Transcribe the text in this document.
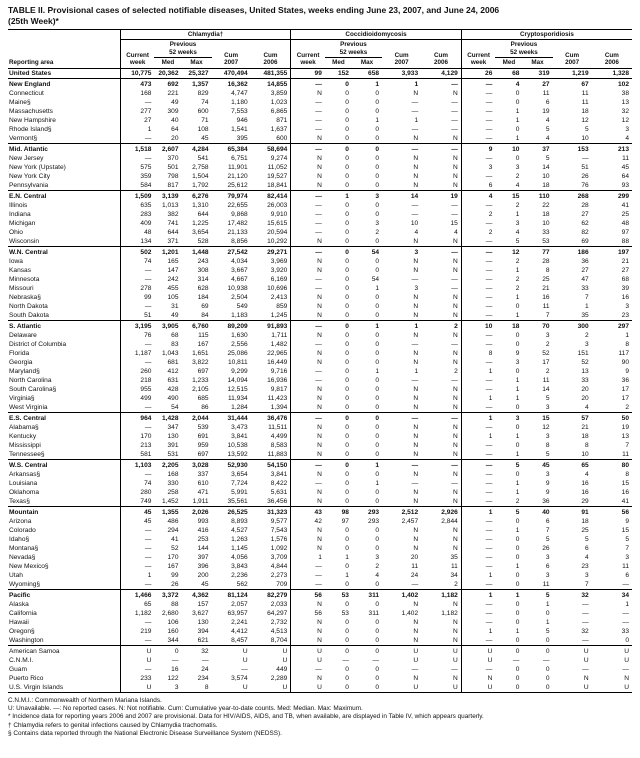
TABLE II. Provisional cases of selected notifiable diseases, United States, weeks ending June 23, 2007, and June 24, 2006
(25th Week)*
Reporting area	Chlamydia†					Coccidioidomycosis					Cryptosporidiosis				
	Current
week	Previous
52 weeks		Cum
2007	Cum
2006	Current
week	Previous
52 weeks		Cum
2007	Cum
2006	Current
week	Previous
52 weeks		Cum
2007	Cum
2006
		Med	Max				Med	Max				Med	Max		
United States	10,775	20,362	25,327	470,494	481,355	99	152	658	3,933	4,129	26	68	319	1,219	1,328
New England	473	692	1,357	16,362	14,855	—	0	1	1	—	—	4	27	67	102
Connecticut	168	221	829	4,747	3,859	N	0	0	N	N	—	0	11	11	38
Maine§	—	49	74	1,180	1,023	—	0	0	—	—	—	0	6	11	13
Massachusetts	277	309	600	7,553	6,865	—	0	0	—	—	—	1	19	18	32
New Hampshire	27	40	71	946	871	—	0	1	1	—	—	1	4	12	12
Rhode Island§	1	64	108	1,541	1,637	—	0	0	—	—	—	0	5	5	3
Vermont§	—	20	45	395	600	N	0	0	N	N	—	1	4	10	4
Mid. Atlantic	1,518	2,607	4,284	65,384	58,694	—	0	0	—	—	9	10	37	153	213
New Jersey	—	370	541	6,751	9,274	N	0	0	N	N	—	0	5	—	11
New York (Upstate)	575	501	2,758	11,901	11,052	N	0	0	N	N	3	3	14	51	45
New York City	359	798	1,504	21,120	19,527	N	0	0	N	N	—	2	10	26	64
Pennsylvania	584	817	1,792	25,612	18,841	N	0	0	N	N	6	4	18	76	93
E.N. Central	1,509	3,139	6,276	79,974	82,414	—	1	3	14	19	4	15	110	268	299
Illinois	635	1,013	1,310	22,655	26,003	—	0	0	—	—	—	2	22	28	41
Indiana	283	382	644	9,868	9,910	—	0	0	—	—	2	1	18	27	25
Michigan	409	741	1,225	17,482	15,615	—	0	3	10	15	—	3	10	62	48
Ohio	48	644	3,654	21,133	20,594	—	0	2	4	4	2	4	33	82	97
Wisconsin	134	371	528	8,856	10,292	N	0	0	N	N	—	5	53	69	88
W.N. Central	502	1,201	1,448	27,542	29,271	—	0	54	3	—	—	12	77	186	197
Iowa	74	165	243	4,034	3,969	N	0	0	N	N	—	2	28	36	21
Kansas	—	147	308	3,667	3,920	N	0	0	N	N	—	1	8	27	27
Minnesota	—	242	314	4,667	6,169	—	0	54	—	—	—	2	25	47	68
Missouri	278	455	628	10,938	10,696	—	0	1	3	—	—	2	21	33	39
Nebraska§	99	105	184	2,504	2,413	N	0	0	N	N	—	1	16	7	16
North Dakota	—	31	69	549	859	N	0	0	N	N	—	0	11	1	3
South Dakota	51	49	84	1,183	1,245	N	0	0	N	N	—	1	7	35	23
S. Atlantic	3,195	3,905	6,760	89,209	91,893	—	0	1	1	2	10	18	70	300	297
Delaware	76	68	115	1,630	1,711	N	0	0	N	N	—	0	3	2	1
District of Columbia	—	83	167	2,556	1,482	—	0	0	—	—	—	0	2	3	8
Florida	1,187	1,043	1,651	25,086	22,965	N	0	0	N	N	8	9	52	151	117
Georgia	—	681	3,822	10,811	16,449	N	0	0	N	N	—	3	17	52	90
Maryland§	260	412	697	9,299	9,716	—	0	1	1	2	1	0	2	13	9
North Carolina	218	631	1,233	14,094	16,936	—	0	0	—	—	—	1	11	33	36
South Carolina§	955	428	2,105	12,515	9,817	N	0	0	N	N	—	1	14	20	17
Virginia§	499	490	685	11,934	11,423	N	0	0	N	N	1	1	5	20	17
West Virginia	—	54	86	1,284	1,394	N	0	0	N	N	—	0	3	4	2
E.S. Central	964	1,428	2,044	31,444	36,476	—	0	0	—	—	1	3	15	57	50
Alabama§	—	347	539	3,473	11,511	N	0	0	N	N	—	0	12	21	19
Kentucky	170	130	691	3,841	4,499	N	0	0	N	N	1	1	3	18	13
Mississippi	213	391	959	10,538	8,583	N	0	0	N	N	—	0	8	8	7
Tennessee§	581	531	697	13,592	11,883	N	0	0	N	N	—	1	5	10	11
W.S. Central	1,103	2,205	3,028	52,930	54,150	—	0	1	—	—	—	5	45	65	80
Arkansas§	—	168	337	3,654	3,841	N	0	0	N	N	—	0	3	4	8
Louisiana	74	330	610	7,724	8,422	—	0	1	—	—	—	1	9	16	15
Oklahoma	280	258	471	5,991	5,631	N	0	0	N	N	—	1	9	16	16
Texas§	749	1,452	1,911	35,561	36,456	N	0	0	N	N	—	2	36	29	41
Mountain	45	1,355	2,026	26,525	31,323	43	98	293	2,512	2,926	1	5	40	91	56
Arizona	45	486	993	8,893	9,577	42	97	293	2,457	2,844	—	0	6	18	9
Colorado	—	294	416	4,527	7,543	N	0	0	N	N	—	1	7	25	15
Idaho§	—	41	253	1,263	1,576	N	0	0	N	N	—	0	5	5	5
Montana§	—	52	144	1,145	1,092	N	0	0	N	N	—	0	26	6	7
Nevada§	—	170	397	4,056	3,709	1	1	3	20	35	—	0	3	4	3
New Mexico§	—	167	396	3,843	4,844	—	0	2	11	11	—	1	6	23	11
Utah	1	99	200	2,236	2,273	—	1	4	24	34	1	0	3	3	6
Wyoming§	—	26	45	562	709	—	0	0	—	2	—	0	11	7	—
Pacific	1,466	3,372	4,362	81,124	82,279	56	53	311	1,402	1,182	1	1	5	32	34
Alaska	65	88	157	2,057	2,033	N	0	0	N	N	—	0	1	—	1
California	1,182	2,680	3,627	63,957	64,297	56	53	311	1,402	1,182	—	0	0	—	—
Hawaii	—	106	130	2,241	2,732	N	0	0	N	N	—	0	1	—	—
Oregon§	219	160	394	4,412	4,513	N	0	0	N	N	1	1	5	32	33
Washington	—	344	621	8,457	8,704	N	0	0	N	N	—	0	0	—	0
American Samoa	U	0	32	U	U	U	0	0	U	U	U	0	0	U	U
C.N.M.I.	U	—	—	U	U	U	—	—	U	U	U	—	—	U	U
Guam	—	16	24	—	449	—	0	0	—	—	—	0	0	—	—
Puerto Rico	233	122	234	3,574	2,289	N	0	0	N	N	N	0	0	N	N
U.S. Virgin Islands	U	3	8	U	U	U	0	0	U	U	U	0	0	U	U
C.N.M.I.: Commonwealth of Northern Mariana Islands.
U: Unavailable. —: No reported cases. N: Not notifiable. Cum: Cumulative year-to-date counts. Med: Median. Max: Maximum.
* Incidence data for reporting years 2006 and 2007 are provisional. Data for HIV/AIDS, AIDS, and TB, when available, are displayed in Table IV, which appears quarterly.
† Chlamydia refers to genital infections caused by Chlamydia trachomatis.
§ Contains data reported through the National Electronic Disease Surveillance System (NEDSS).
